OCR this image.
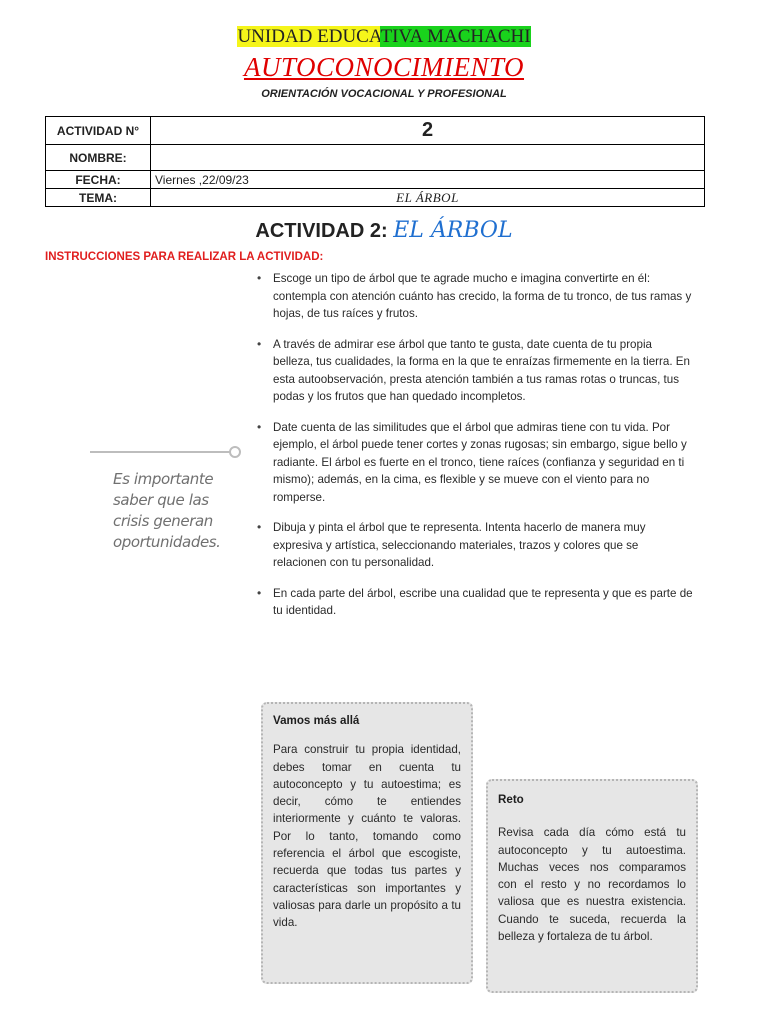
UNIDAD EDUCATIVA MACHACHI
AUTOCONOCIMIENTO
ORIENTACIÓN VOCACIONAL Y PROFESIONAL
ACTIVIDAD N°	2
NOMBRE:	
FECHA:	Viernes ,22/09/23
TEMA:	EL ÁRBOL
ACTIVIDAD 2: EL ÁRBOL
INSTRUCCIONES PARA REALIZAR LA ACTIVIDAD:
• Escoge un tipo de árbol que te agrade mucho e imagina convertirte en él: contempla con atención cuánto has crecido, la forma de tu tronco, de tus ramas y hojas, de tus raíces y frutos.
• A través de admirar ese árbol que tanto te gusta, date cuenta de tu propia belleza, tus cualidades, la forma en la que te enraízas firmemente en la tierra. En esta autoobservación, presta atención también a tus ramas rotas o truncas, tus podas y los frutos que han quedado incompletos.
• Date cuenta de las similitudes que el árbol que admiras tiene con tu vida. Por ejemplo, el árbol puede tener cortes y zonas rugosas; sin embargo, sigue bello y radiante. El árbol es fuerte en el tronco, tiene raíces (confianza y seguridad en ti mismo); además, en la cima, es flexible y se mueve con el viento para no romperse.
• Dibuja y pinta el árbol que te representa. Intenta hacerlo de manera muy expresiva y artística, seleccionando materiales, trazos y colores que se relacionen con tu personalidad.
• En cada parte del árbol, escribe una cualidad que te representa y que es parte de tu identidad.
Es importante saber que las crisis generan oportunidades.
Vamos más allá
Para construir tu propia identidad, debes tomar en cuenta tu autoconcepto y tu autoestima; es decir, cómo te entiendes interiormente y cuánto te valoras. Por lo tanto, tomando como referencia el árbol que escogiste, recuerda que todas tus partes y características son importantes y valiosas para darle un propósito a tu vida.
Reto
Revisa cada día cómo está tu autoconcepto y tu autoestima. Muchas veces nos comparamos con el resto y no recordamos lo valiosa que es nuestra existencia. Cuando te suceda, recuerda la belleza y fortaleza de tu árbol.
